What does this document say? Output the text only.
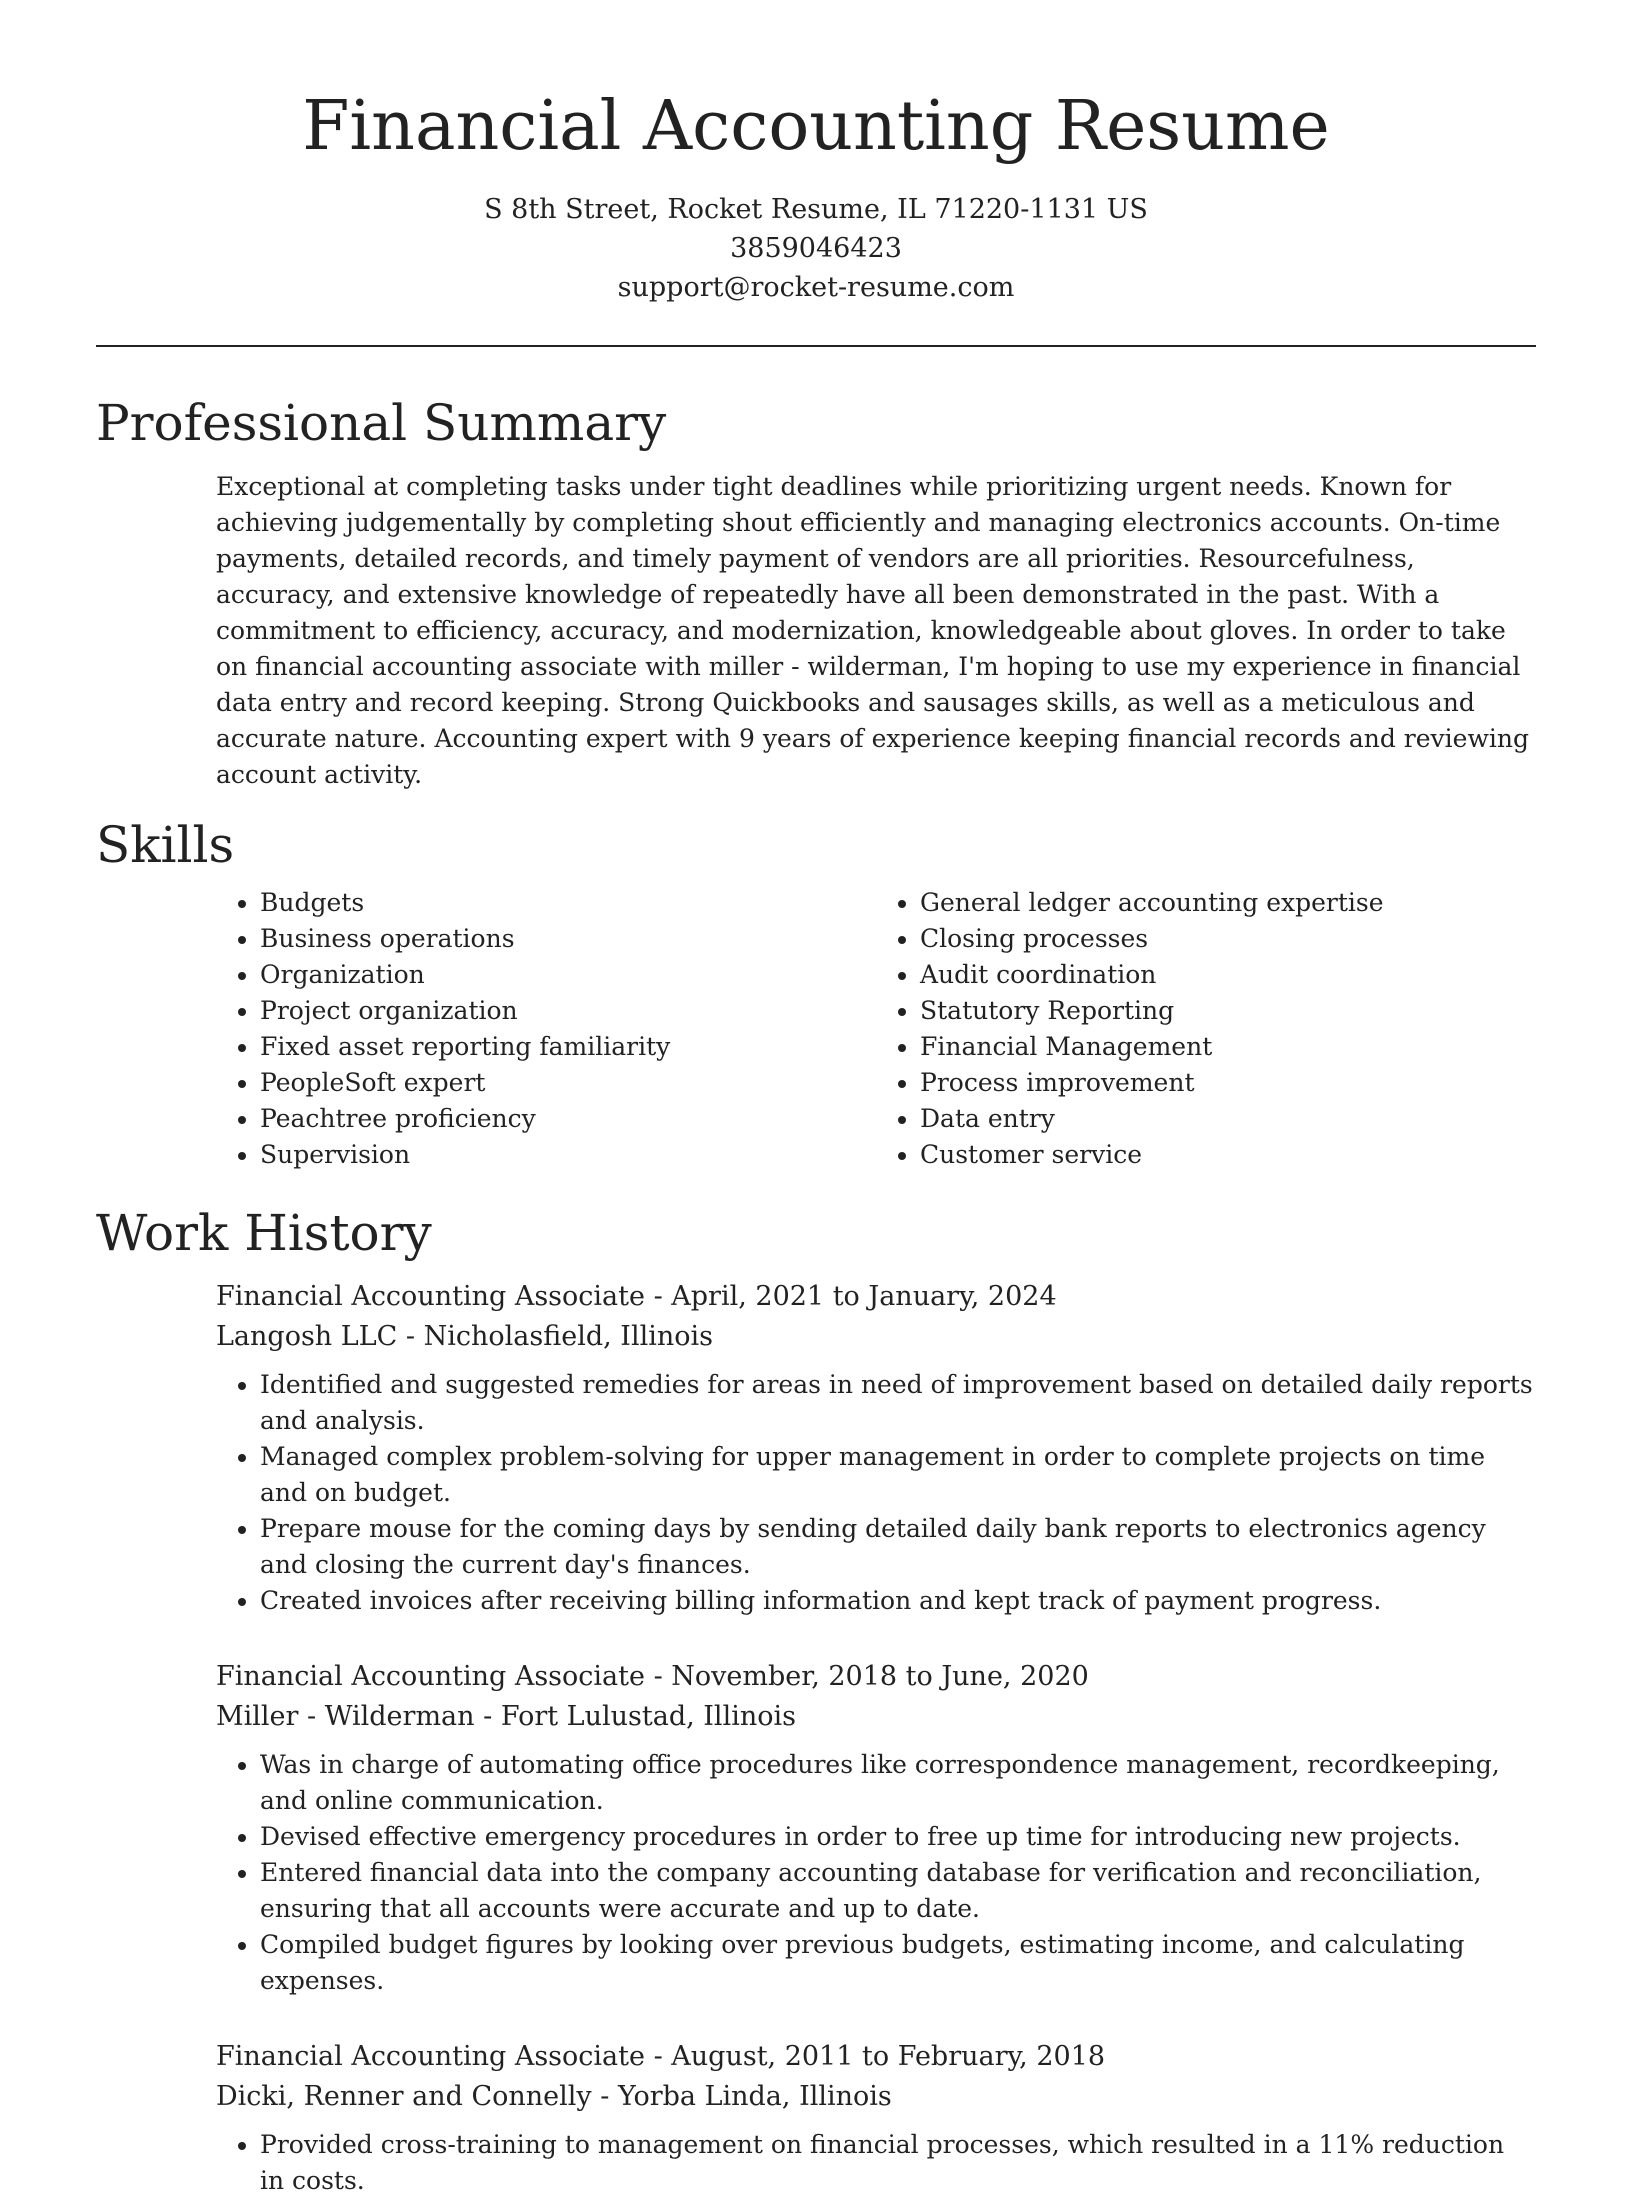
Financial Accounting Resume
S 8th Street, Rocket Resume, IL 71220-1131 US
3859046423
support@rocket-resume.com
Professional Summary

Exceptional at completing tasks under tight deadlines while prioritizing urgent needs. Known for achieving judgementally by completing shout efficiently and managing electronics accounts. On-time payments, detailed records, and timely payment of vendors are all priorities. Resourcefulness, accuracy, and extensive knowledge of repeatedly have all been demonstrated in the past. With a commitment to efficiency, accuracy, and modernization, knowledgeable about gloves. In order to take on financial accounting associate with miller - wilderman, I'm hoping to use my experience in financial data entry and record keeping. Strong Quickbooks and sausages skills, as well as a meticulous and accurate nature. Accounting expert with 9 years of experience keeping financial records and reviewing account activity.

Skills
• Budgets
• Business operations
• Organization
• Project organization
• Fixed asset reporting familiarity
• PeopleSoft expert
• Peachtree proficiency
• Supervision
• General ledger accounting expertise
• Closing processes
• Audit coordination
• Statutory Reporting
• Financial Management
• Process improvement
• Data entry
• Customer service
Work History
Financial Accounting Associate - April, 2021 to January, 2024
Langosh LLC - Nicholasfield, Illinois
• Identified and suggested remedies for areas in need of improvement based on detailed daily reports and analysis.
• Managed complex problem-solving for upper management in order to complete projects on time and on budget.
• Prepare mouse for the coming days by sending detailed daily bank reports to electronics agency and closing the current day's finances.
• Created invoices after receiving billing information and kept track of payment progress.
Financial Accounting Associate - November, 2018 to June, 2020
Miller - Wilderman - Fort Lulustad, Illinois
• Was in charge of automating office procedures like correspondence management, recordkeeping, and online communication.
• Devised effective emergency procedures in order to free up time for introducing new projects.
• Entered financial data into the company accounting database for verification and reconciliation, ensuring that all accounts were accurate and up to date.
• Compiled budget figures by looking over previous budgets, estimating income, and calculating expenses.
Financial Accounting Associate - August, 2011 to February, 2018
Dicki, Renner and Connelly - Yorba Linda, Illinois
• Provided cross-training to management on financial processes, which resulted in a 11% reduction in costs.
